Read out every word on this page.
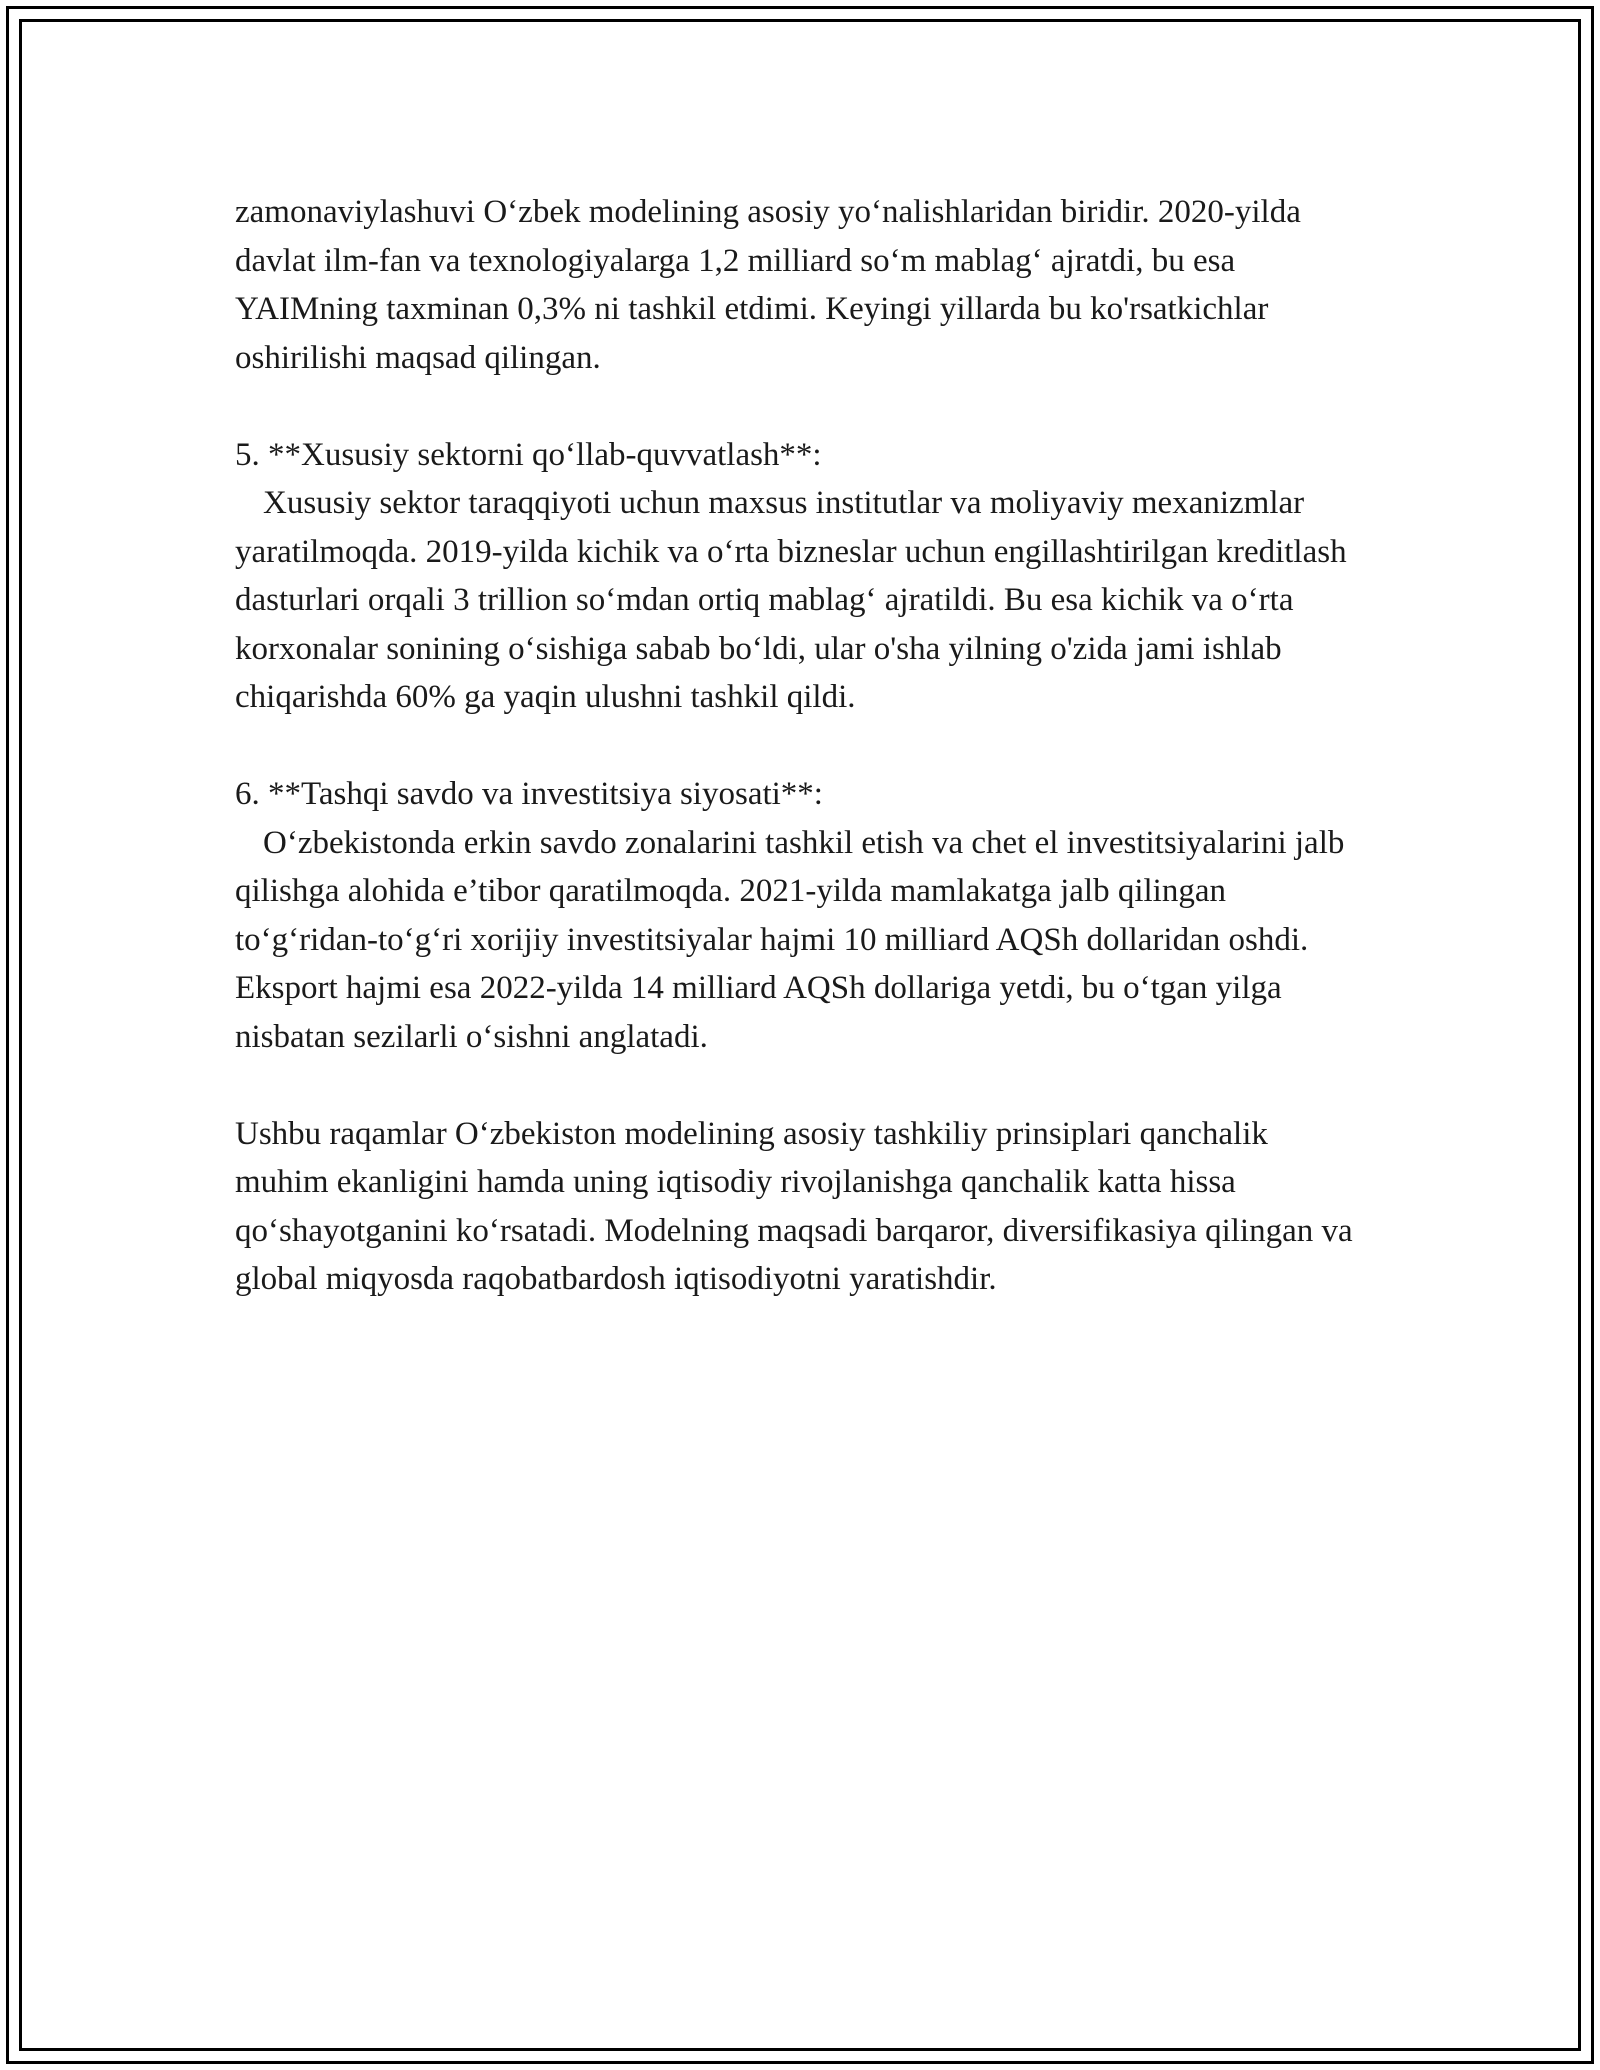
zamonaviylashuvi O‘zbek modelining asosiy yo‘nalishlaridan biridir. 2020-yilda davlat ilm-fan va texnologiyalarga 1,2 milliard so‘m mablag‘ ajratdi, bu esa YAIMning taxminan 0,3% ni tashkil etdimi. Keyingi yillarda bu ko'rsatkichlar oshirilishi maqsad qilingan.

5. **Xususiy sektorni qo‘llab-quvvatlash**:

Xususiy sektor taraqqiyoti uchun maxsus institutlar va moliyaviy mexanizmlar yaratilmoqda. 2019-yilda kichik va o‘rta bizneslar uchun engillashtirilgan kreditlash dasturlari orqali 3 trillion so‘mdan ortiq mablag‘ ajratildi. Bu esa kichik va o‘rta korxonalar sonining o‘sishiga sabab bo‘ldi, ular o'sha yilning o'zida jami ishlab chiqarishda 60% ga yaqin ulushni tashkil qildi.

6. **Tashqi savdo va investitsiya siyosati**:

O‘zbekistonda erkin savdo zonalarini tashkil etish va chet el investitsiyalarini jalb qilishga alohida e’tibor qaratilmoqda. 2021-yilda mamlakatga jalb qilingan to‘g‘ridan-to‘g‘ri xorijiy investitsiyalar hajmi 10 milliard AQSh dollaridan oshdi. Eksport hajmi esa 2022-yilda 14 milliard AQSh dollariga yetdi, bu o‘tgan yilga nisbatan sezilarli o‘sishni anglatadi.

Ushbu raqamlar O‘zbekiston modelining asosiy tashkiliy prinsiplari qanchalik muhim ekanligini hamda uning iqtisodiy rivojlanishga qanchalik katta hissa qo‘shayotganini ko‘rsatadi. Modelning maqsadi barqaror, diversifikasiya qilingan va global miqyosda raqobatbardosh iqtisodiyotni yaratishdir.
